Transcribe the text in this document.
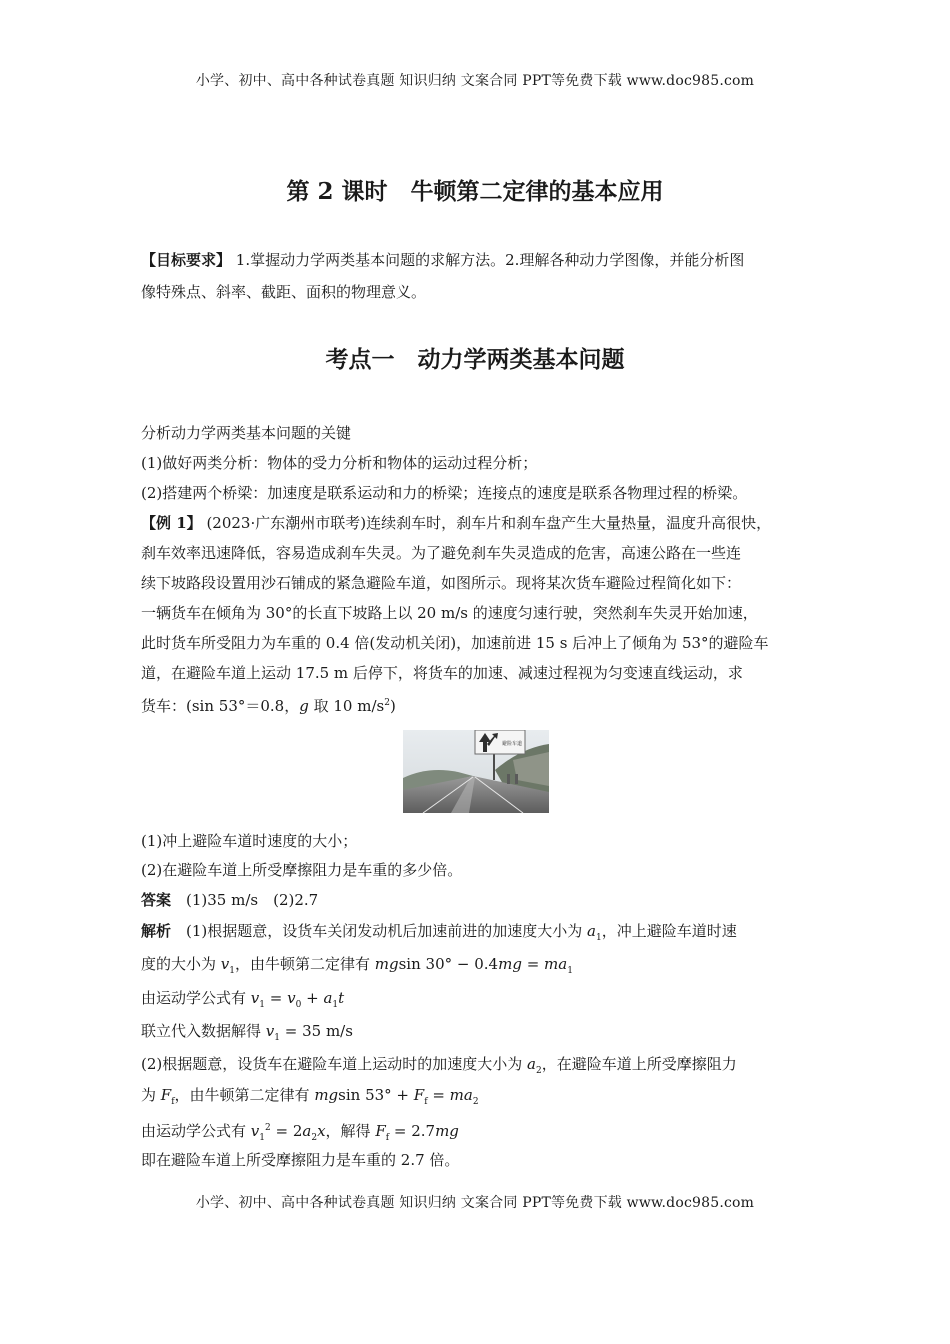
小学、初中、高中各种试卷真题 知识归纳 文案合同 PPT等免费下载 www.doc985.com
第 2 课时　牛顿第二定律的基本应用
【目标要求】 1.掌握动力学两类基本问题的求解方法。2.理解各种动力学图像，并能分析图
像特殊点、斜率、截距、面积的物理意义。
考点一　动力学两类基本问题
分析动力学两类基本问题的关键
(1)做好两类分析：物体的受力分析和物体的运动过程分析；
(2)搭建两个桥梁：加速度是联系运动和力的桥梁；连接点的速度是联系各物理过程的桥梁。
【例 1】 (2023·广东潮州市联考)连续刹车时，刹车片和刹车盘产生大量热量，温度升高很快，
刹车效率迅速降低，容易造成刹车失灵。为了避免刹车失灵造成的危害，高速公路在一些连
续下坡路段设置用沙石铺成的紧急避险车道，如图所示。现将某次货车避险过程简化如下：
一辆货车在倾角为 30°的长直下坡路上以 20 m/s 的速度匀速行驶，突然刹车失灵开始加速，
此时货车所受阻力为车重的 0.4 倍(发动机关闭)，加速前进 15 s 后冲上了倾角为 53°的避险车
道，在避险车道上运动 17.5 m 后停下，将货车的加速、减速过程视为匀变速直线运动，求
货车：(sin 53°＝0.8，g 取 10 $m/s^2$)
避险车道
(1)冲上避险车道时速度的大小；
(2)在避险车道上所受摩擦阻力是车重的多少倍。
答案　(1)35 m/s　(2)2.7
解析　(1)根据题意，设货车关闭发动机后加速前进的加速度大小为 $a_1$，冲上避险车道时速
度的大小为 $v_1$，由牛顿第二定律有 mgsin $30^\circ - 0.4mg = ma_1$
由运动学公式有 $v_1 = v_0 + a_1t$
联立代入数据解得 $v_1 = 35$ m/s
(2)根据题意，设货车在避险车道上运动时的加速度大小为 $a_2$，在避险车道上所受摩擦阻力
为 $F_f$，由牛顿第二定律有 mgsin $53^\circ + F_f = ma_2$
由运动学公式有 $v_1^2 = 2a_2x$，解得 $F_f = 2.7mg$
即在避险车道上所受摩擦阻力是车重的 2.7 倍。
小学、初中、高中各种试卷真题 知识归纳 文案合同 PPT等免费下载 www.doc985.com
